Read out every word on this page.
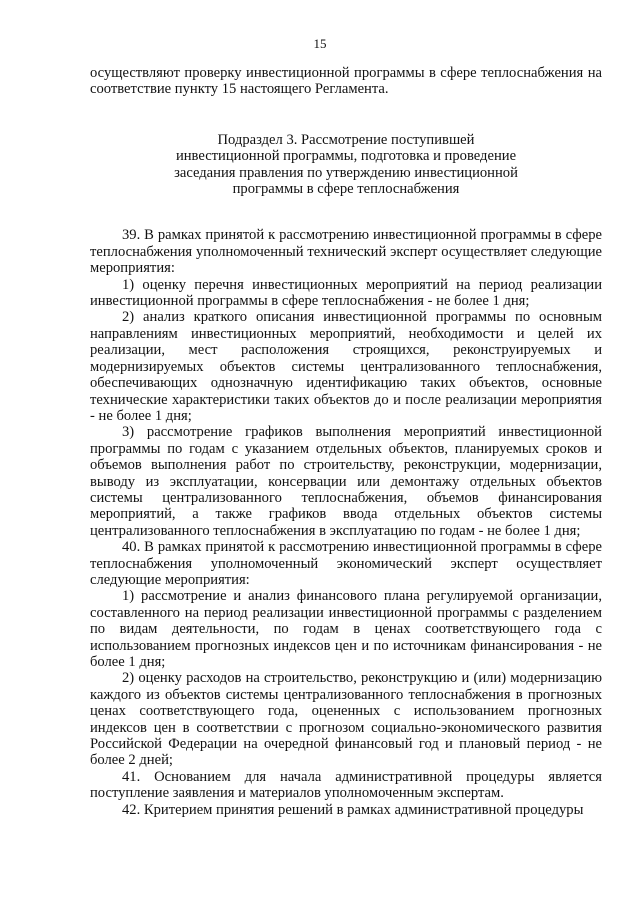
15

осуществляют проверку инвестиционной программы в сфере теплоснабжения на соответствие пункту 15 настоящего Регламента.

Подраздел 3. Рассмотрение поступившей
инвестиционной программы, подготовка и проведение
заседания правления по утверждению инвестиционной
программы в сфере теплоснабжения

39. В рамках принятой к рассмотрению инвестиционной программы в сфере теплоснабжения уполномоченный технический эксперт осуществляет следующие мероприятия:

1) оценку перечня инвестиционных мероприятий на период реализации инвестиционной программы в сфере теплоснабжения - не более 1 дня;

2) анализ краткого описания инвестиционной программы по основным направлениям инвестиционных мероприятий, необходимости и целей их реализации, мест расположения строящихся, реконструируемых и модернизируемых объектов системы централизованного теплоснабжения, обеспечивающих однозначную идентификацию таких объектов, основные технические характеристики таких объектов до и после реализации мероприятия - не более 1 дня;

3) рассмотрение графиков выполнения мероприятий инвестиционной программы по годам с указанием отдельных объектов, планируемых сроков и объемов выполнения работ по строительству, реконструкции, модернизации, выводу из эксплуатации, консервации или демонтажу отдельных объектов системы централизованного теплоснабжения, объемов финансирования мероприятий, а также графиков ввода отдельных объектов системы централизованного теплоснабжения в эксплуатацию по годам - не более 1 дня;

40. В рамках принятой к рассмотрению инвестиционной программы в сфере теплоснабжения уполномоченный экономический эксперт осуществляет следующие мероприятия:

1) рассмотрение и анализ финансового плана регулируемой организации, составленного на период реализации инвестиционной программы с разделением по видам деятельности, по годам в ценах соответствующего года с использованием прогнозных индексов цен и по источникам финансирования - не более 1 дня;

2) оценку расходов на строительство, реконструкцию и (или) модернизацию каждого из объектов системы централизованного теплоснабжения в прогнозных ценах соответствующего года, оцененных с использованием прогнозных индексов цен в соответствии с прогнозом социально-экономического развития Российской Федерации на очередной финансовый год и плановый период - не более 2 дней;

41. Основанием для начала административной процедуры является поступление заявления и материалов уполномоченным экспертам.

42. Критерием принятия решений в рамках административной процедуры
